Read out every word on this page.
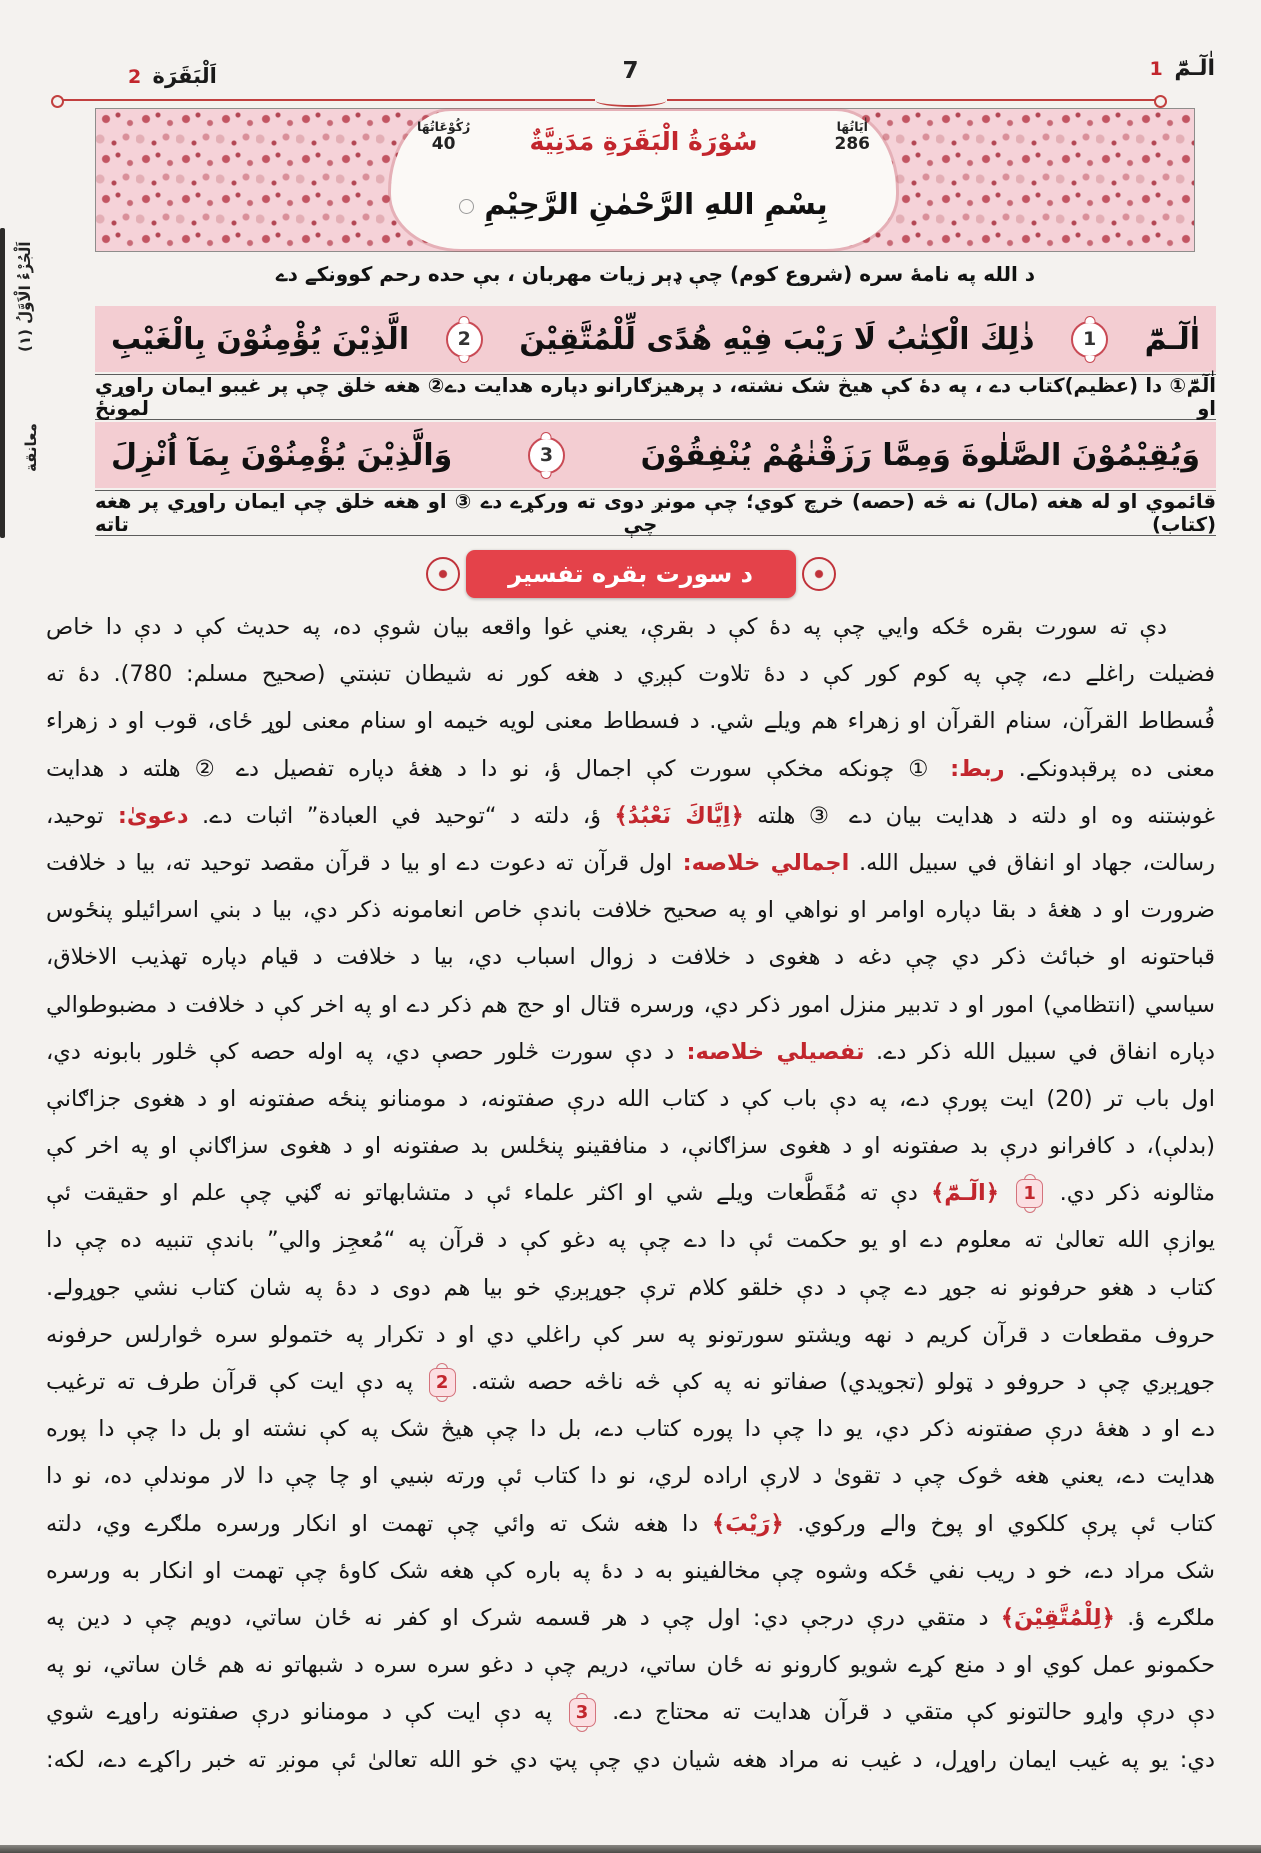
اٰلٓـمّٓ 1
7
اَلْبَقَرَة 2
اٰيَاتُهَا
286
سُوْرَةُ الْبَقَرَةِ مَدَنِيَّةٌ
رُكُوْعَاتُهَا
40
بِسْمِ اللهِ الرَّحْمٰنِ الرَّحِيْمِ
اَلْجُزْءُ الْاَوَّلُ (١)
معانقة
د الله په نامهٔ سره (شروع کوم) چې ډېر زيات مهربان ، بې حده رحم کوونکے دے
اٰلٓـمّٓ
1
ذٰلِكَ الْكِتٰبُ لَا رَيْبَ فِيْهِ هُدًى لِّلْمُتَّقِيْنَ
2
الَّذِيْنَ يُؤْمِنُوْنَ بِالْغَيْبِ

اٰلٓمّٓ① دا (عظيم)کتاب دے ، په دهٔ کې هيڅ شک نشته، د پرهيزګارانو دپاره هدايت دے② هغه خلق چې پر غيبو ايمان راوړي او لمونځ

وَيُقِيْمُوْنَ الصَّلٰوةَ وَمِمَّا رَزَقْنٰهُمْ يُنْفِقُوْنَ
3
وَالَّذِيْنَ يُؤْمِنُوْنَ بِمَآ اُنْزِلَ

قائموي او له هغه (مال) نه څه (حصه) خرچ کوي؛ چې مونږ دوى ته ورکړے دے ③ او هغه خلق چې ايمان راوړي پر هغه (کتاب) چې تاته

د سورت بقره تفسير

دې ته سورت بقره ځکه وايي چې په دهٔ کې د بقرې، يعني غوا واقعه بيان شوې ده، په حديث کې د دې دا خاص

فضيلت راغلے دے، چې په کوم کور کې د دهٔ تلاوت کېږي د هغه کور نه شيطان تښتي (صحيح مسلم: 780). دهٔ ته

فُسطاط القرآن، سنام القرآن او زهراء هم ويلے شي. د فسطاط معنى لويه خيمه او سنام معنى لوړ ځاى، قوب او د زهراء

معنى ده پرقېدونکے. ربط: ① چونکه مخکې سورت کې اجمال ؤ، نو دا د هغهٔ دپاره تفصيل دے ② هلته د هدايت

غوښتنه وه او دلته د هدايت بيان دے ③ هلته ﴿اِيَّاكَ نَعْبُدُ﴾ ؤ، دلته د “توحيد في العبادة” اثبات دے. دعوىٰ: توحيد،

رسالت، جهاد او انفاق في سبيل الله. اجمالي خلاصه: اول قرآن ته دعوت دے او بيا د قرآن مقصد توحيد ته، بيا د خلافت

ضرورت او د هغهٔ د بقا دپاره اوامر او نواهي او په صحيح خلافت باندې خاص انعامونه ذکر دي، بيا د بني اسرائيلو پنځوس

قباحتونه او خبائث ذکر دي چې دغه د هغوى د خلافت د زوال اسباب دي، بيا د خلافت د قيام دپاره تهذيب الاخلاق،

سياسي (انتظامي) امور او د تدبير منزل امور ذکر دي، ورسره قتال او حج هم ذکر دے او په اخر کې د خلافت د مضبوطوالي

دپاره انفاق في سبيل الله ذکر دے. تفصيلي خلاصه: د دې سورت څلور حصې دي، په اوله حصه کې څلور بابونه دي،

اول باب تر (20) ايت پورې دے، په دې باب کې د کتاب الله درې صفتونه، د مومنانو پنځه صفتونه او د هغوى جزاګانې

(بدلې)، د کافرانو درې بد صفتونه او د هغوى سزاګانې، د منافقينو پنځلس بد صفتونه او د هغوى سزاګانې او په اخر کې

مثالونه ذکر دي. 1 ﴿الٓـمّٓ﴾ دې ته مُقَطَّعات ويلے شي او اکثر علماء ئې د متشابهاتو نه ګڼي چې علم او حقيقت ئې

يوازې الله تعالىٰ ته معلوم دے او يو حکمت ئې دا دے چې په دغو کې د قرآن په “مُعجِز والي” باندې تنبيه ده چې دا

کتاب د هغو حرفونو نه جوړ دے چې د دې خلقو کلام ترې جوړېږي خو بيا هم دوى د دهٔ په شان کتاب نشي جوړولے.

حروف مقطعات د قرآن کريم د نهه ويشتو سورتونو په سر کې راغلي دي او د تکرار په ختمولو سره څوارلس حرفونه

جوړېږي چې د حروفو د ټولو (تجويدي) صفاتو نه په کې څه ناڅه حصه شته. 2 په دې ايت کې قرآن طرف ته ترغيب

دے او د هغهٔ درې صفتونه ذکر دي، يو دا چې دا پوره کتاب دے، بل دا چې هيڅ شک په کې نشته او بل دا چې دا پوره

هدايت دے، يعني هغه څوک چې د تقوىٰ د لارې اراده لري، نو دا کتاب ئې ورته ښيي او چا چې دا لار موندلې ده، نو دا

کتاب ئې پرې کلکوي او پوخ والے ورکوي. ﴿رَيْبَ﴾ دا هغه شک ته وائي چې تهمت او انکار ورسره ملګرے وي، دلته

شک مراد دے، خو د ريب نفي ځکه وشوه چې مخالفينو به د دهٔ په باره کې هغه شک کاوهٔ چې تهمت او انکار به ورسره

ملګرے ؤ. ﴿لِلْمُتَّقِيْنَ﴾ د متقي درې درجې دي: اول چې د هر قسمه شرک او کفر نه ځان ساتي، دويم چې د دين په

حکمونو عمل کوي او د منع کړے شويو کارونو نه ځان ساتي، دريم چې د دغو سره سره د شبهاتو نه هم ځان ساتي، نو په

دې درې واړو حالتونو کې متقي د قرآن هدايت ته محتاج دے. 3 په دې ايت کې د مومنانو درې صفتونه راوړے شوي

دي: يو په غيب ايمان راوړل، د غيب نه مراد هغه شيان دي چې پټ دي خو الله تعالىٰ ئې مونږ ته خبر راکړے دے، لکه:
